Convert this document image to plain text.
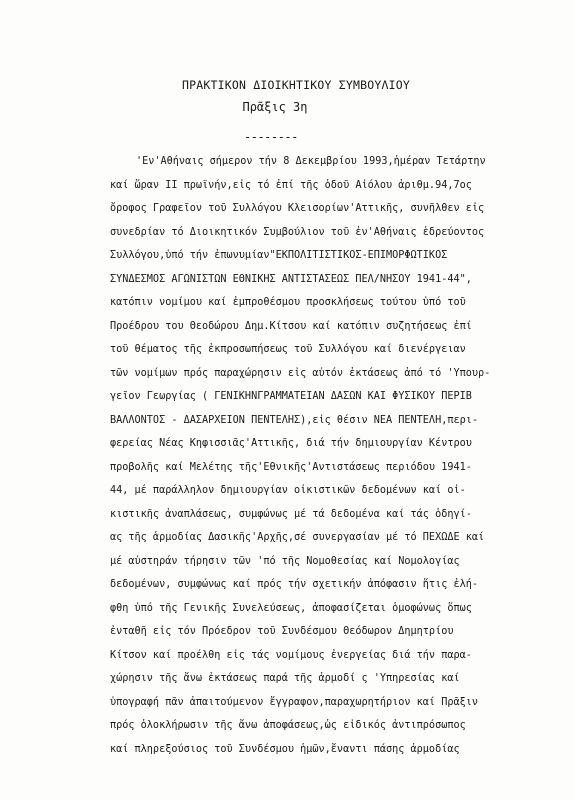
ΠΡΑΚΤΙΚΟΝ ΔΙΟΙΚΗΤΙΚΟΥ ΣΥΜΒΟΥΛΙΟΥ
Πρᾶξις 3η
--------
'Εν'Αθήναις σήμερον τήν 8 Δεκεμβρίου 1993,ἡμέραν Τετάρτην
καί ὥραν ΙΙ πρωϊνήν,εἰς τό ἐπί τῆς ὁδοῦ Αἰόλου ἀριθμ.94,7ος
ὄροφος Γραφεῖον τοῦ Συλλόγου Κλεισορίων'Αττικῆς, συνῆλθεν εἰς
συνεδρίαν τό Διοικητικόν Συμβούλιον τοῦ ἐν'Αθήναις ἑδρεύοντος
Συλλόγου,ὑπό τήν ἐπωνυμίαν"ΕΚΠΟΛΙΤΙΣΤΙΚΟΣ-ΕΠΙΜΟΡΦΩΤΙΚΟΣ
ΣΥΝΔΕΣΜΟΣ ΑΓΩΝΙΣΤΩΝ ΕΘΝΙΚΗΣ ΑΝΤΙΣΤΑΣΕΩΣ ΠΕΛ/ΝΗΣΟΥ 1941-44",
κατόπιν νομίμου καί ἐμπροθέσμου προσκλήσεως τούτου ὑπό τοῦ
Προέδρου του Θεοδώρου Δημ.Κίτσου καί κατόπιν συζητήσεως ἐπί
τοῦ θέματος τῆς ἐκπροσωπήσεως τοῦ Συλλόγου καί διενέργειαν
τῶν νομίμων πρός παραχώρησιν εἰς αὐτόν ἐκτάσεως ἀπό τό 'Υπουρ-
γεῖον Γεωργίας ( ΓΕΝΙΚΗΝΓΡΑΜΜΑΤΕΙΑΝ ΔΑΣΩΝ ΚΑΙ ΦΥΣΙΚΟΥ ΠΕΡΙΒ
ΒΑΛΛΟΝΤΟΣ - ΔΑΣΑΡΧΕΙΟΝ ΠΕΝΤΕΛΗΣ),εἰς θέσιν ΝΕΑ ΠΕΝΤΕΛΗ,περι-
φερείας Νέας Κηφισσιᾶς'Αττικῆς, διά τήν δημιουργίαν Κέντρου
προβολῆς καί Μελέτης τῆς'Εθνικῆς'Αντιστάσεως περιόδου 1941-
44, μέ παράλληλον δημιουργίαν οἰκιστικῶν δεδομένων καί οἰ-
κιστικῆς ἀναπλάσεως, συμφώνως μέ τά δεδομένα καί τάς ὁδηγί-
ας τῆς ἁρμοδίας Δασικῆς'Αρχῆς,σέ συνεργασίαν μέ τό ΠΕΧΩΔΕ καί
μέ αὐστηράν τήρησιν τῶν 'πό τῆς Νομοθεσίας καί Νομολογίας
δεδομένων, συμφώνως καί πρός τήν σχετικήν ἀπόφασιν ἥτις ἐλή-
φθη ὑπό τῆς Γενικῆς Συνελεύσεως, ἀποφασίζεται ὁμοφώνως ὅπως
ἐνταθῆ εἰς τόν Πρόεδρον τοῦ Συνδέσμου Θεόδωρον Δημητρίου
Κίτσον καί προέλθη εἰς τάς νομίμους ἐνεργείας διά τήν παρα-
χώρησιν τῆς ἄνω ἐκτάσεως παρά τῆς ἁρμοδί ς 'Υπηρεσίας καί
ὑπογραφή πᾶν ἀπαιτούμενον ἔγγραφον,παραχωρητήριον καί Πρᾶξιν
πρός ὁλοκλήρωσιν τῆς ἄνω ἀποφάσεως,ὡς εἰδικός ἀντιπρόσωπος
καί πληρεξούσιος τοῦ Συνδέσμου ἡμῶν,ἔναντι πάσης ἁρμοδίας
